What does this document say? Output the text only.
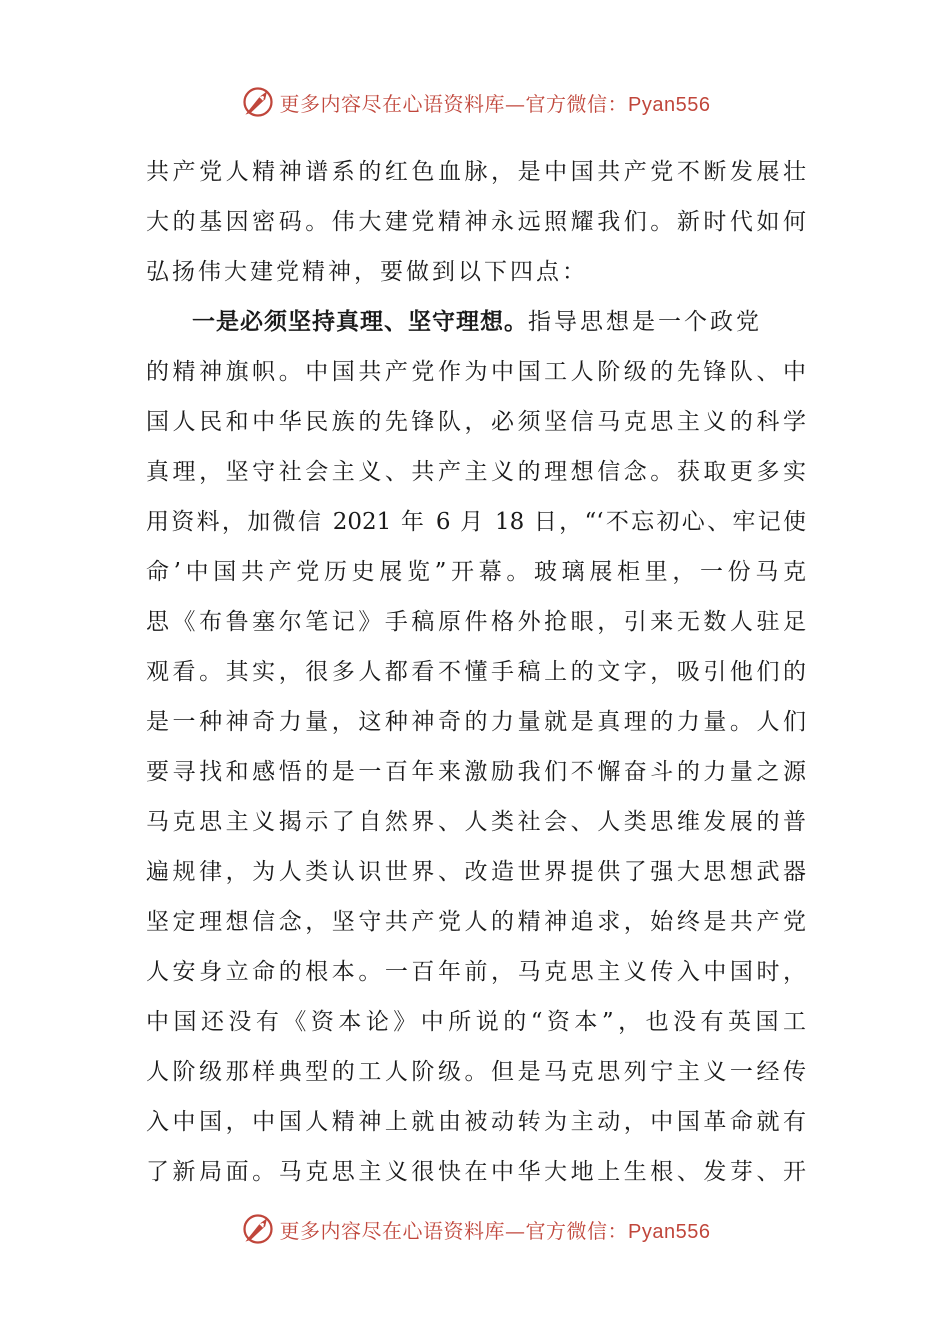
更多内容尽在心语资料库—官方微信：Pyan556
共产党人精神谱系的红色血脉，是中国共产党不断发展壮
大的基因密码。伟大建党精神永远照耀我们。新时代如何
弘扬伟大建党精神，要做到以下四点：
一是必须坚持真理、坚守理想。指导思想是一个政党
的精神旗帜。中国共产党作为中国工人阶级的先锋队、中
国人民和中华民族的先锋队，必须坚信马克思主义的科学
真理，坚守社会主义、共产主义的理想信念。获取更多实
用资料，加微信 2021 年 6 月 18 日，“‘不忘初心、牢记使
命’中国共产党历史展览”开幕。玻璃展柜里，一份马克
思《布鲁塞尔笔记》手稿原件格外抢眼，引来无数人驻足
观看。其实，很多人都看不懂手稿上的文字，吸引他们的
是一种神奇力量，这种神奇的力量就是真理的力量。人们
要寻找和感悟的是一百年来激励我们不懈奋斗的力量之源
马克思主义揭示了自然界、人类社会、人类思维发展的普
遍规律，为人类认识世界、改造世界提供了强大思想武器
坚定理想信念，坚守共产党人的精神追求，始终是共产党
人安身立命的根本。一百年前，马克思主义传入中国时，
中国还没有《资本论》中所说的“资本”，也没有英国工
人阶级那样典型的工人阶级。但是马克思列宁主义一经传
入中国，中国人精神上就由被动转为主动，中国革命就有
了新局面。马克思主义很快在中华大地上生根、发芽、开
更多内容尽在心语资料库—官方微信：Pyan556
